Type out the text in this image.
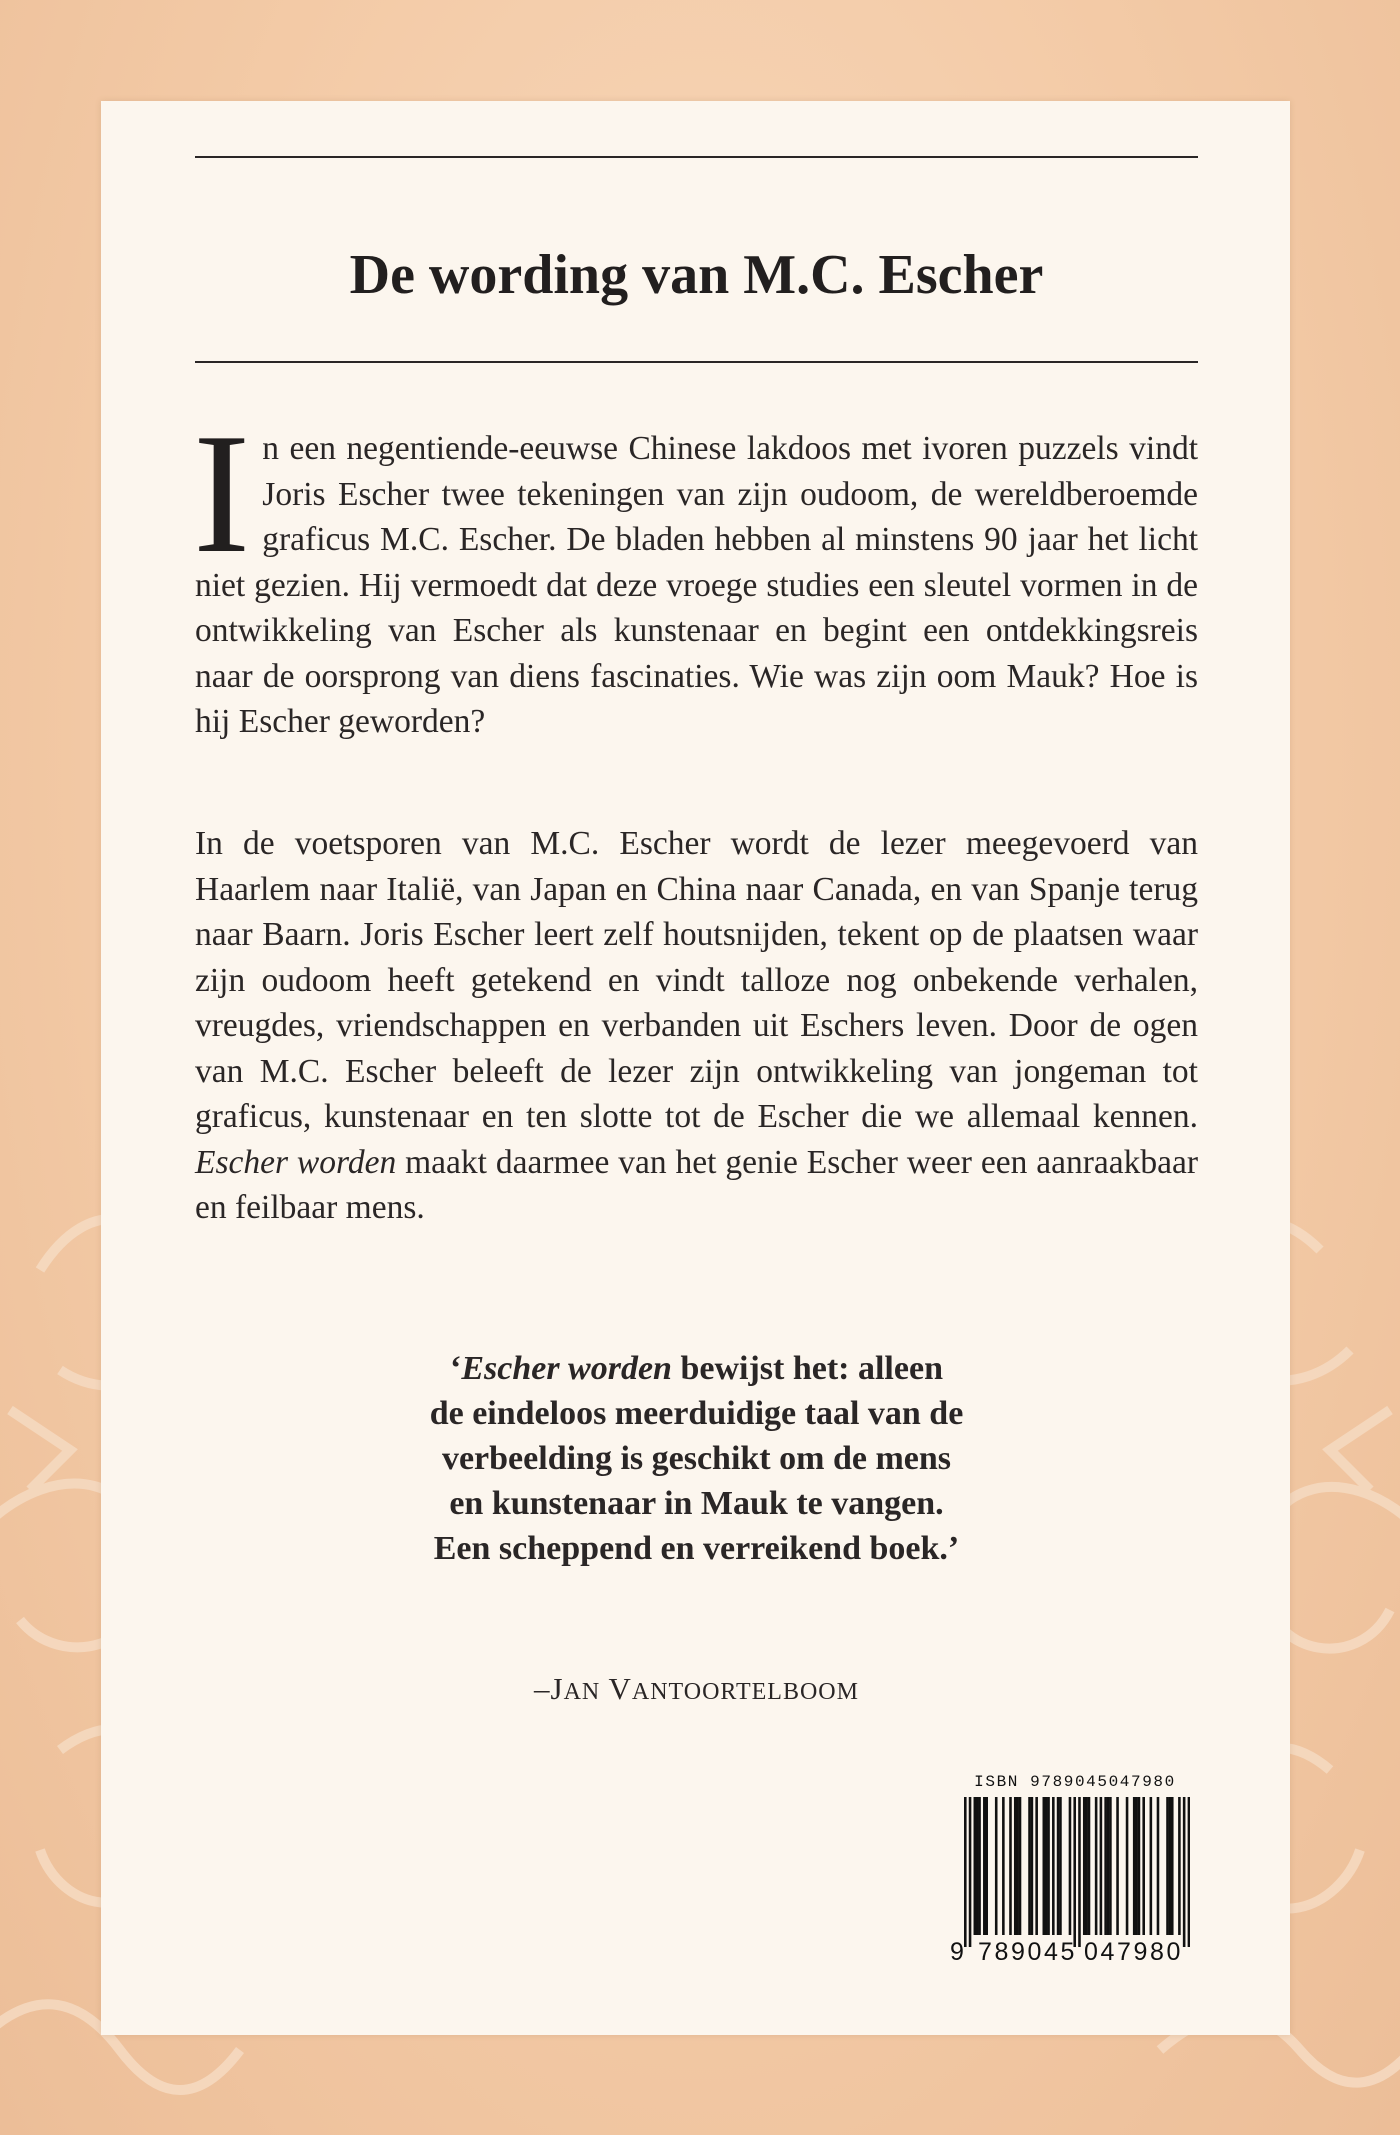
De wording van M.C. Escher

In een negentiende-eeuwse Chinese lakdoos met ivoren puzzels vindt Joris Escher twee tekeningen van zijn oudoom, de wereldberoemde graficus M.C. Escher. De bladen hebben al minstens 90 jaar het licht niet gezien. Hij vermoedt dat deze vroege studies een sleutel vormen in de ontwikkeling van Escher als kunstenaar en begint een ontdekkingsreis naar de oorsprong van diens fascinaties. Wie was zijn oom Mauk? Hoe is hij Escher geworden?

In de voetsporen van M.C. Escher wordt de lezer meegevoerd van Haarlem naar Italië, van Japan en China naar Canada, en van Spanje terug naar Baarn. Joris Escher leert zelf houtsnijden, tekent op de plaatsen waar zijn oudoom heeft getekend en vindt talloze nog onbekende verhalen, vreugdes, vriendschappen en verbanden uit Eschers leven. Door de ogen van M.C. Escher beleeft de lezer zijn ontwikkeling van jongeman tot graficus, kunstenaar en ten slotte tot de Escher die we allemaal kennen. Escher worden maakt daarmee van het genie Escher weer een aanraakbaar en feilbaar mens.

‘Escher worden bewijst het: alleen
de eindeloos meerduidige taal van de
verbeelding is geschikt om de mens
en kunstenaar in Mauk te vangen.
Een scheppend en verreikend boek.’
–JAN VANTOORTELBOOM
ISBN 9789045047980
9 789045 047980
